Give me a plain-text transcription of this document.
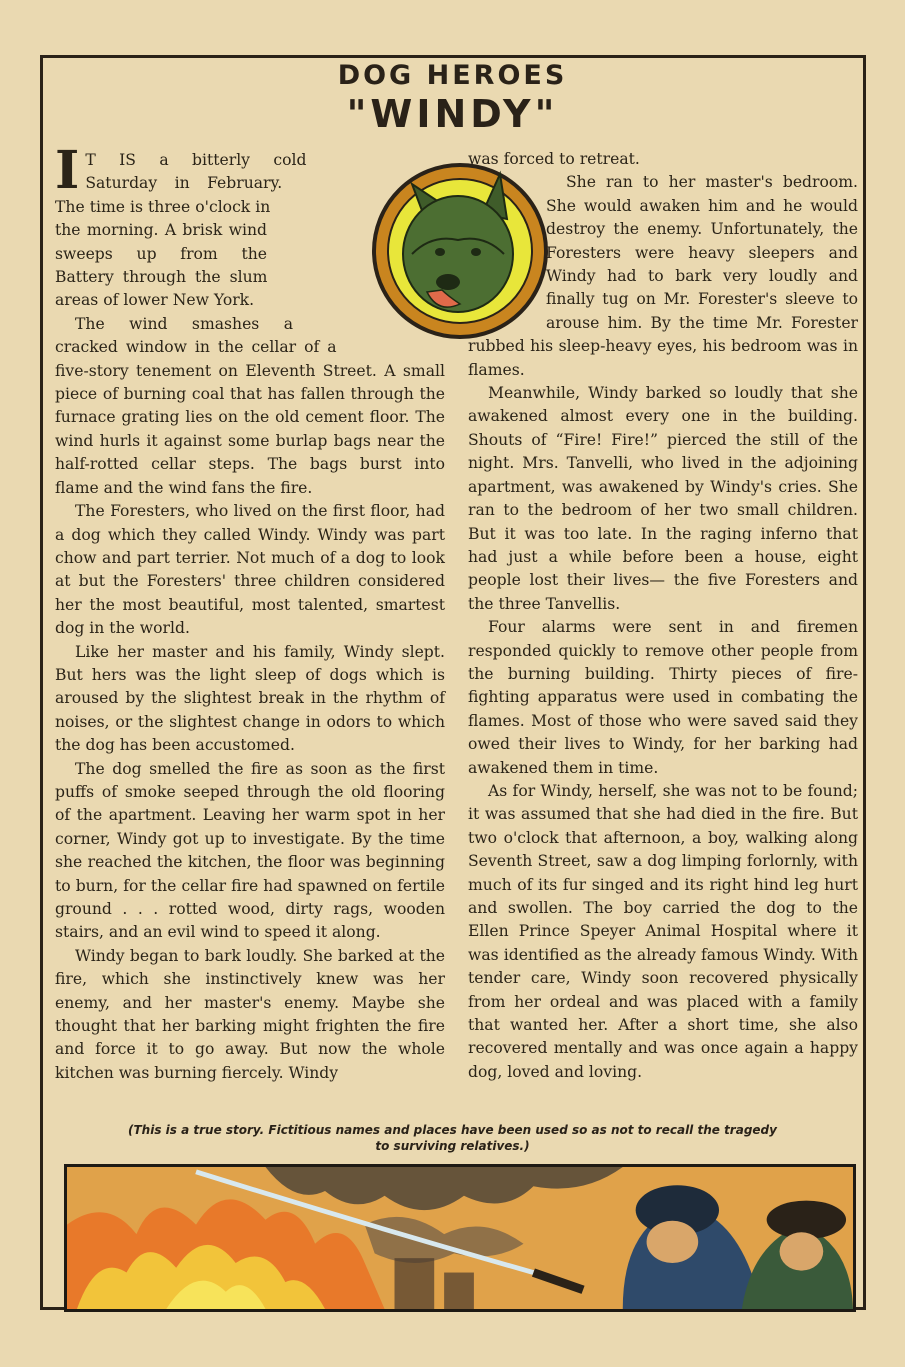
DOG HEROES
"WINDY"

I T IS a bitterly cold Saturday in February. The time is three o'clock in the morning. A brisk wind sweeps up from the Battery through the slum areas of lower New York.

The wind smashes a cracked window in the cellar of a five-story tenement on Eleventh Street. A small piece of burning coal that has fallen through the furnace grating lies on the old cement floor. The wind hurls it against some burlap bags near the half-rotted cellar steps. The bags burst into flame and the wind fans the fire.

The Foresters, who lived on the first floor, had a dog which they called Windy. Windy was part chow and part terrier. Not much of a dog to look at but the Foresters' three children considered her the most beautiful, most talented, smartest dog in the world.

Like her master and his family, Windy slept. But hers was the light sleep of dogs which is aroused by the slightest break in the rhythm of noises, or the slightest change in odors to which the dog has been accustomed.

The dog smelled the fire as soon as the first puffs of smoke seeped through the old flooring of the apartment. Leaving her warm spot in her corner, Windy got up to investigate. By the time she reached the kitchen, the floor was beginning to burn, for the cellar fire had spawned on fertile ground . . . rotted wood, dirty rags, wooden stairs, and an evil wind to speed it along.

Windy began to bark loudly. She barked at the fire, which she instinctively knew was her enemy, and her master's enemy. Maybe she thought that her barking might frighten the fire and force it to go away. But now the whole kitchen was burning fiercely. Windy

was forced to retreat.

She ran to her master's bedroom. She would awaken him and he would destroy the enemy. Unfortunately, the Foresters were heavy sleepers and Windy had to bark very loudly and finally tug on Mr. Forester's sleeve to arouse him. By the time Mr. Forester rubbed his sleep-heavy eyes, his bedroom was in flames.

Meanwhile, Windy barked so loudly that she awakened almost every one in the building. Shouts of “Fire! Fire!” pierced the still of the night. Mrs. Tanvelli, who lived in the adjoining apartment, was awakened by Windy's cries. She ran to the bedroom of her two small children. But it was too late. In the raging inferno that had just a while before been a house, eight people lost their lives— the five Foresters and the three Tanvellis.

Four alarms were sent in and firemen responded quickly to remove other people from the burning building. Thirty pieces of fire-fighting apparatus were used in combating the flames. Most of those who were saved said they owed their lives to Windy, for her barking had awakened them in time.

As for Windy, herself, she was not to be found; it was assumed that she had died in the fire. But two o'clock that afternoon, a boy, walking along Seventh Street, saw a dog limping forlornly, with much of its fur singed and its right hind leg hurt and swollen. The boy carried the dog to the Ellen Prince Speyer Animal Hospital where it was identified as the already famous Windy. With tender care, Windy soon recovered physically from her ordeal and was placed with a family that wanted her. After a short time, she also recovered mentally and was once again a happy dog, loved and loving.

(This is a true story. Fictitious names and places have been used so as not to recall the tragedy
to surviving relatives.)
